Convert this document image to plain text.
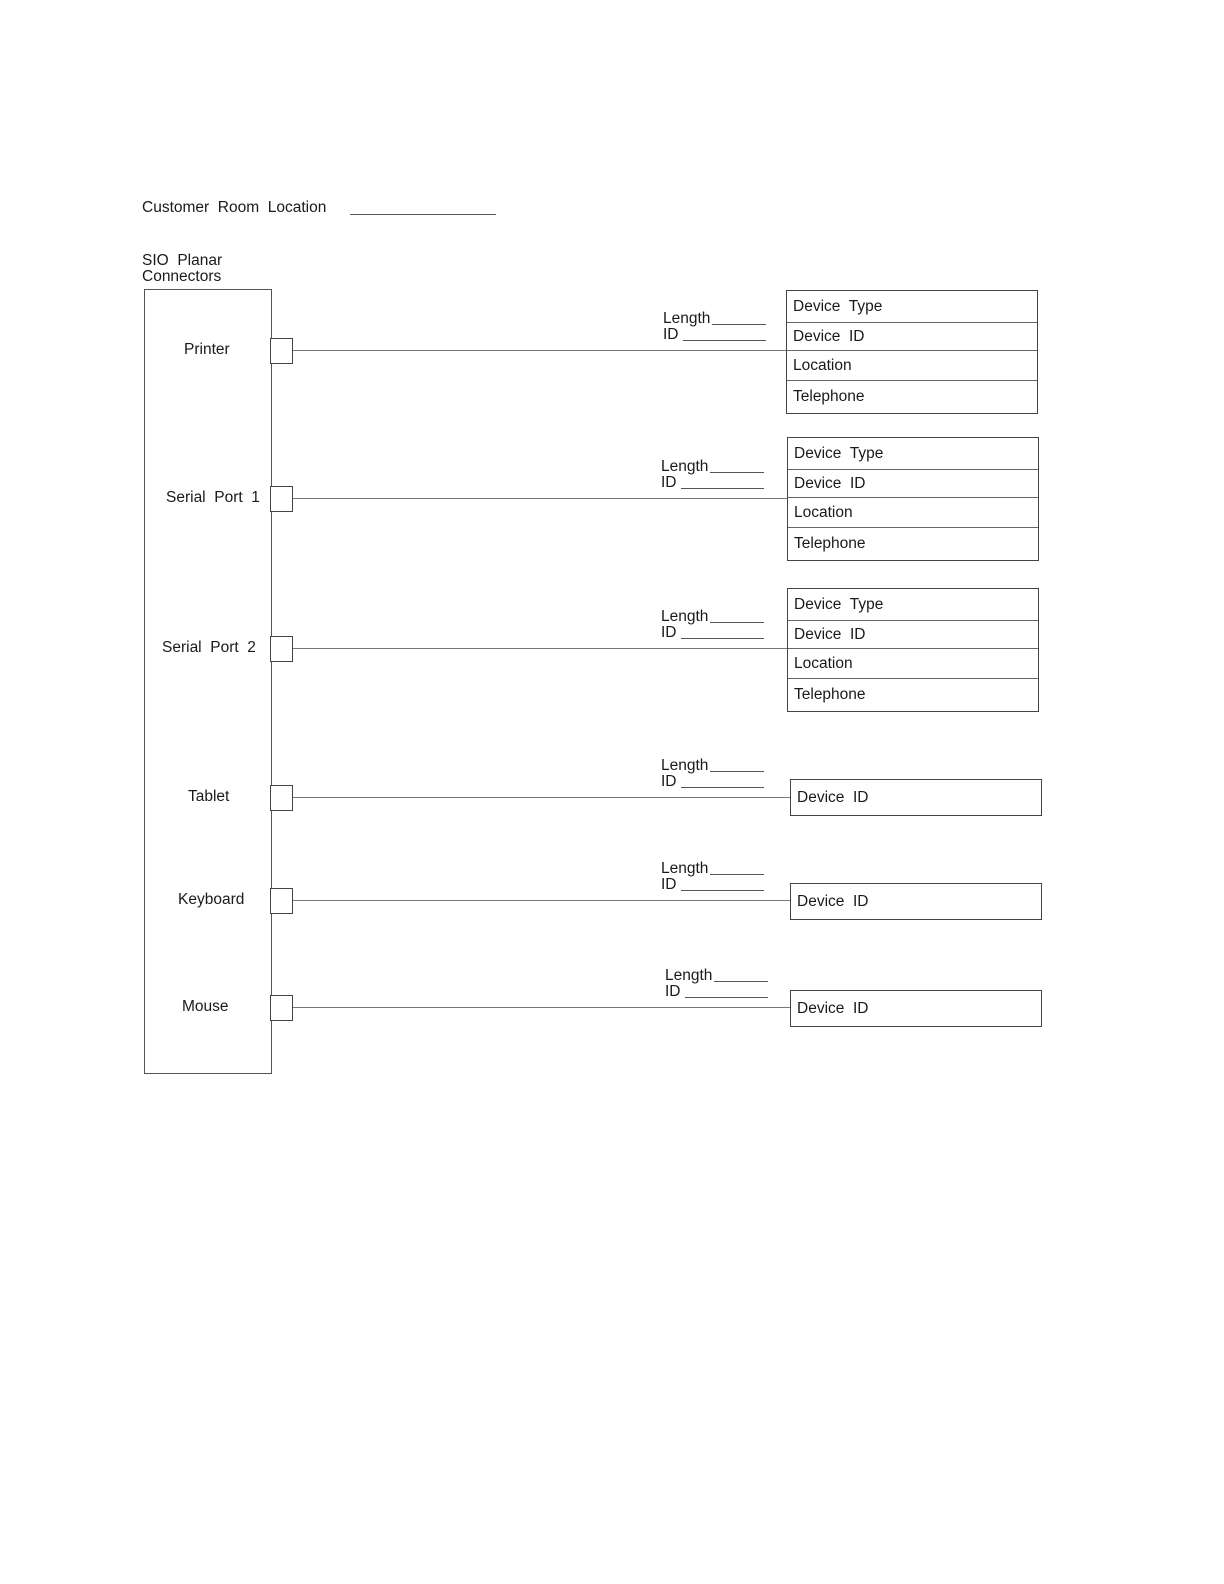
Customer  Room  Location
SIO  Planar
Connectors
Printer
Length
ID
Device  Type
Device  ID
Location
Telephone
Serial  Port  1
Length
ID
Device  Type
Device  ID
Location
Telephone
Serial  Port  2
Length
ID
Device  Type
Device  ID
Location
Telephone
Tablet
Length
ID
Device  ID
Keyboard
Length
ID
Device  ID
Mouse
Length
ID
Device  ID
